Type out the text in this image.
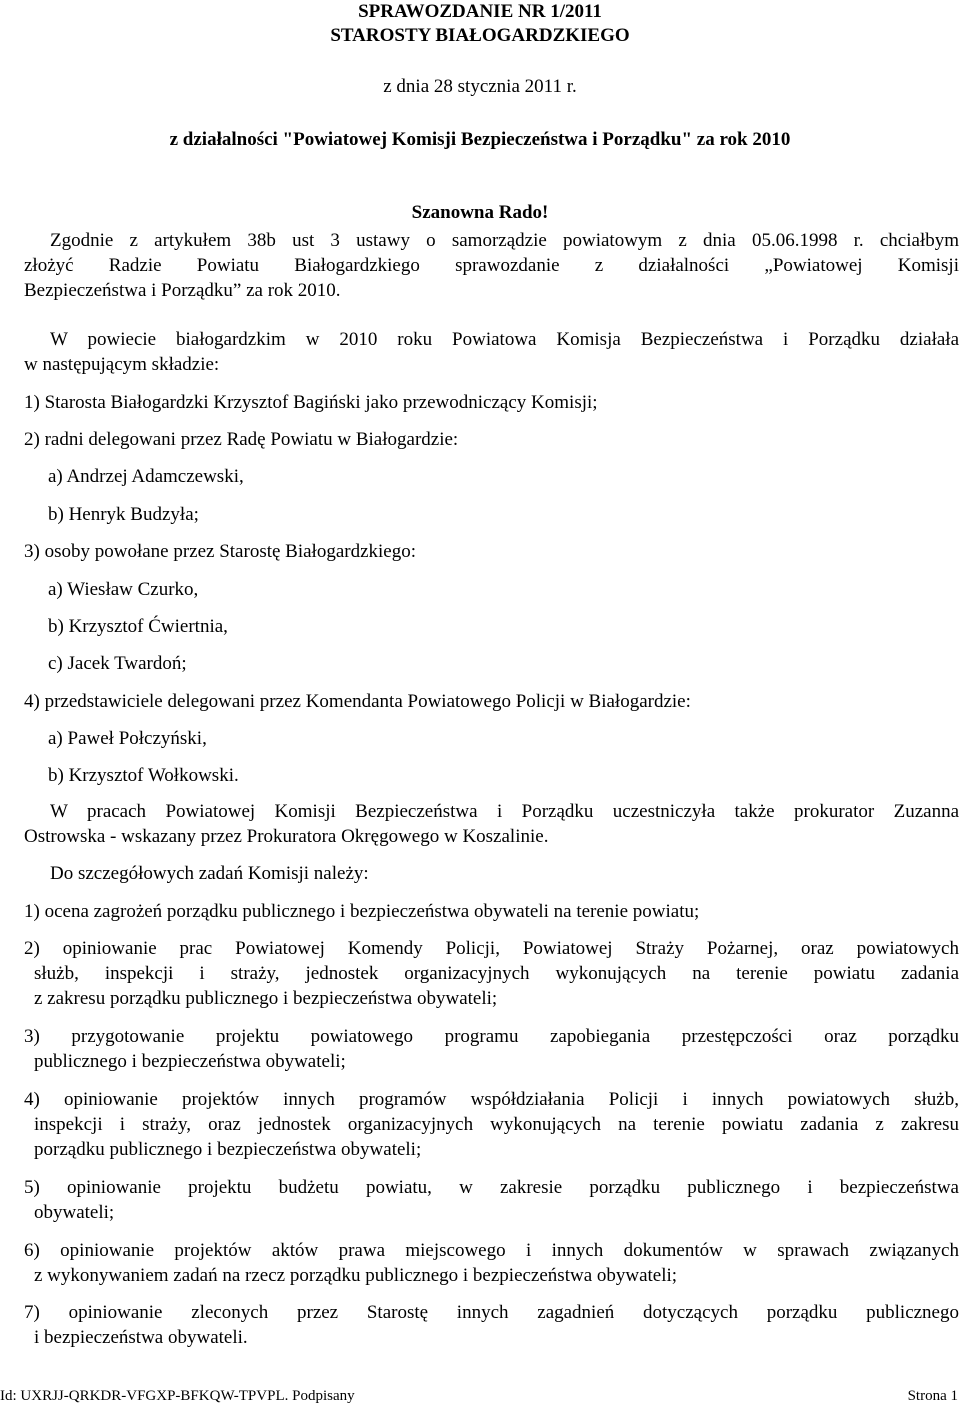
SPRAWOZDANIE NR 1/2011
STAROSTY BIAŁOGARDZKIEGO
z dnia 28 stycznia 2011 r.
z działalności "Powiatowej Komisji Bezpieczeństwa i Porządku" za rok 2010
Szanowna Rado!
Zgodnie z artykułem 38b ust 3 ustawy o samorządzie powiatowym z dnia 05.06.1998 r. chciałbym
złożyć Radzie Powiatu Białogardzkiego sprawozdanie z działalności „Powiatowej Komisji
Bezpieczeństwa i Porządku” za rok 2010.
W powiecie białogardzkim w 2010 roku Powiatowa Komisja Bezpieczeństwa i Porządku działała
w następującym składzie:
1) Starosta Białogardzki Krzysztof Bagiński jako przewodniczący Komisji;
2) radni delegowani przez Radę Powiatu w Białogardzie:
a) Andrzej Adamczewski,
b) Henryk Budzyła;
3) osoby powołane przez Starostę Białogardzkiego:
a) Wiesław Czurko,
b) Krzysztof Ćwiertnia,
c) Jacek Twardoń;
4) przedstawiciele delegowani przez Komendanta Powiatowego Policji w Białogardzie:
a) Paweł Połczyński,
b) Krzysztof Wołkowski.
W pracach Powiatowej Komisji Bezpieczeństwa i Porządku uczestniczyła także prokurator Zuzanna
Ostrowska - wskazany przez Prokuratora Okręgowego w Koszalinie.
Do szczegółowych zadań Komisji należy:
1) ocena zagrożeń porządku publicznego i bezpieczeństwa obywateli na terenie powiatu;
2) opiniowanie prac Powiatowej Komendy Policji, Powiatowej Straży Pożarnej, oraz powiatowych
służb, inspekcji i straży, jednostek organizacyjnych wykonujących na terenie powiatu zadania
z zakresu porządku publicznego i bezpieczeństwa obywateli;
3) przygotowanie projektu powiatowego programu zapobiegania przestępczości oraz porządku
publicznego i bezpieczeństwa obywateli;
4) opiniowanie projektów innych programów współdziałania Policji i innych powiatowych służb,
inspekcji i straży, oraz jednostek organizacyjnych wykonujących na terenie powiatu zadania z zakresu
porządku publicznego i bezpieczeństwa obywateli;
5) opiniowanie projektu budżetu powiatu, w zakresie porządku publicznego i bezpieczeństwa
obywateli;
6) opiniowanie projektów aktów prawa miejscowego i innych dokumentów w sprawach związanych
z wykonywaniem zadań na rzecz porządku publicznego i bezpieczeństwa obywateli;
7) opiniowanie zleconych przez Starostę innych zagadnień dotyczących porządku publicznego
i bezpieczeństwa obywateli.
Id: UXRJJ-QRKDR-VFGXP-BFKQW-TPVPL. Podpisany	Strona 1
